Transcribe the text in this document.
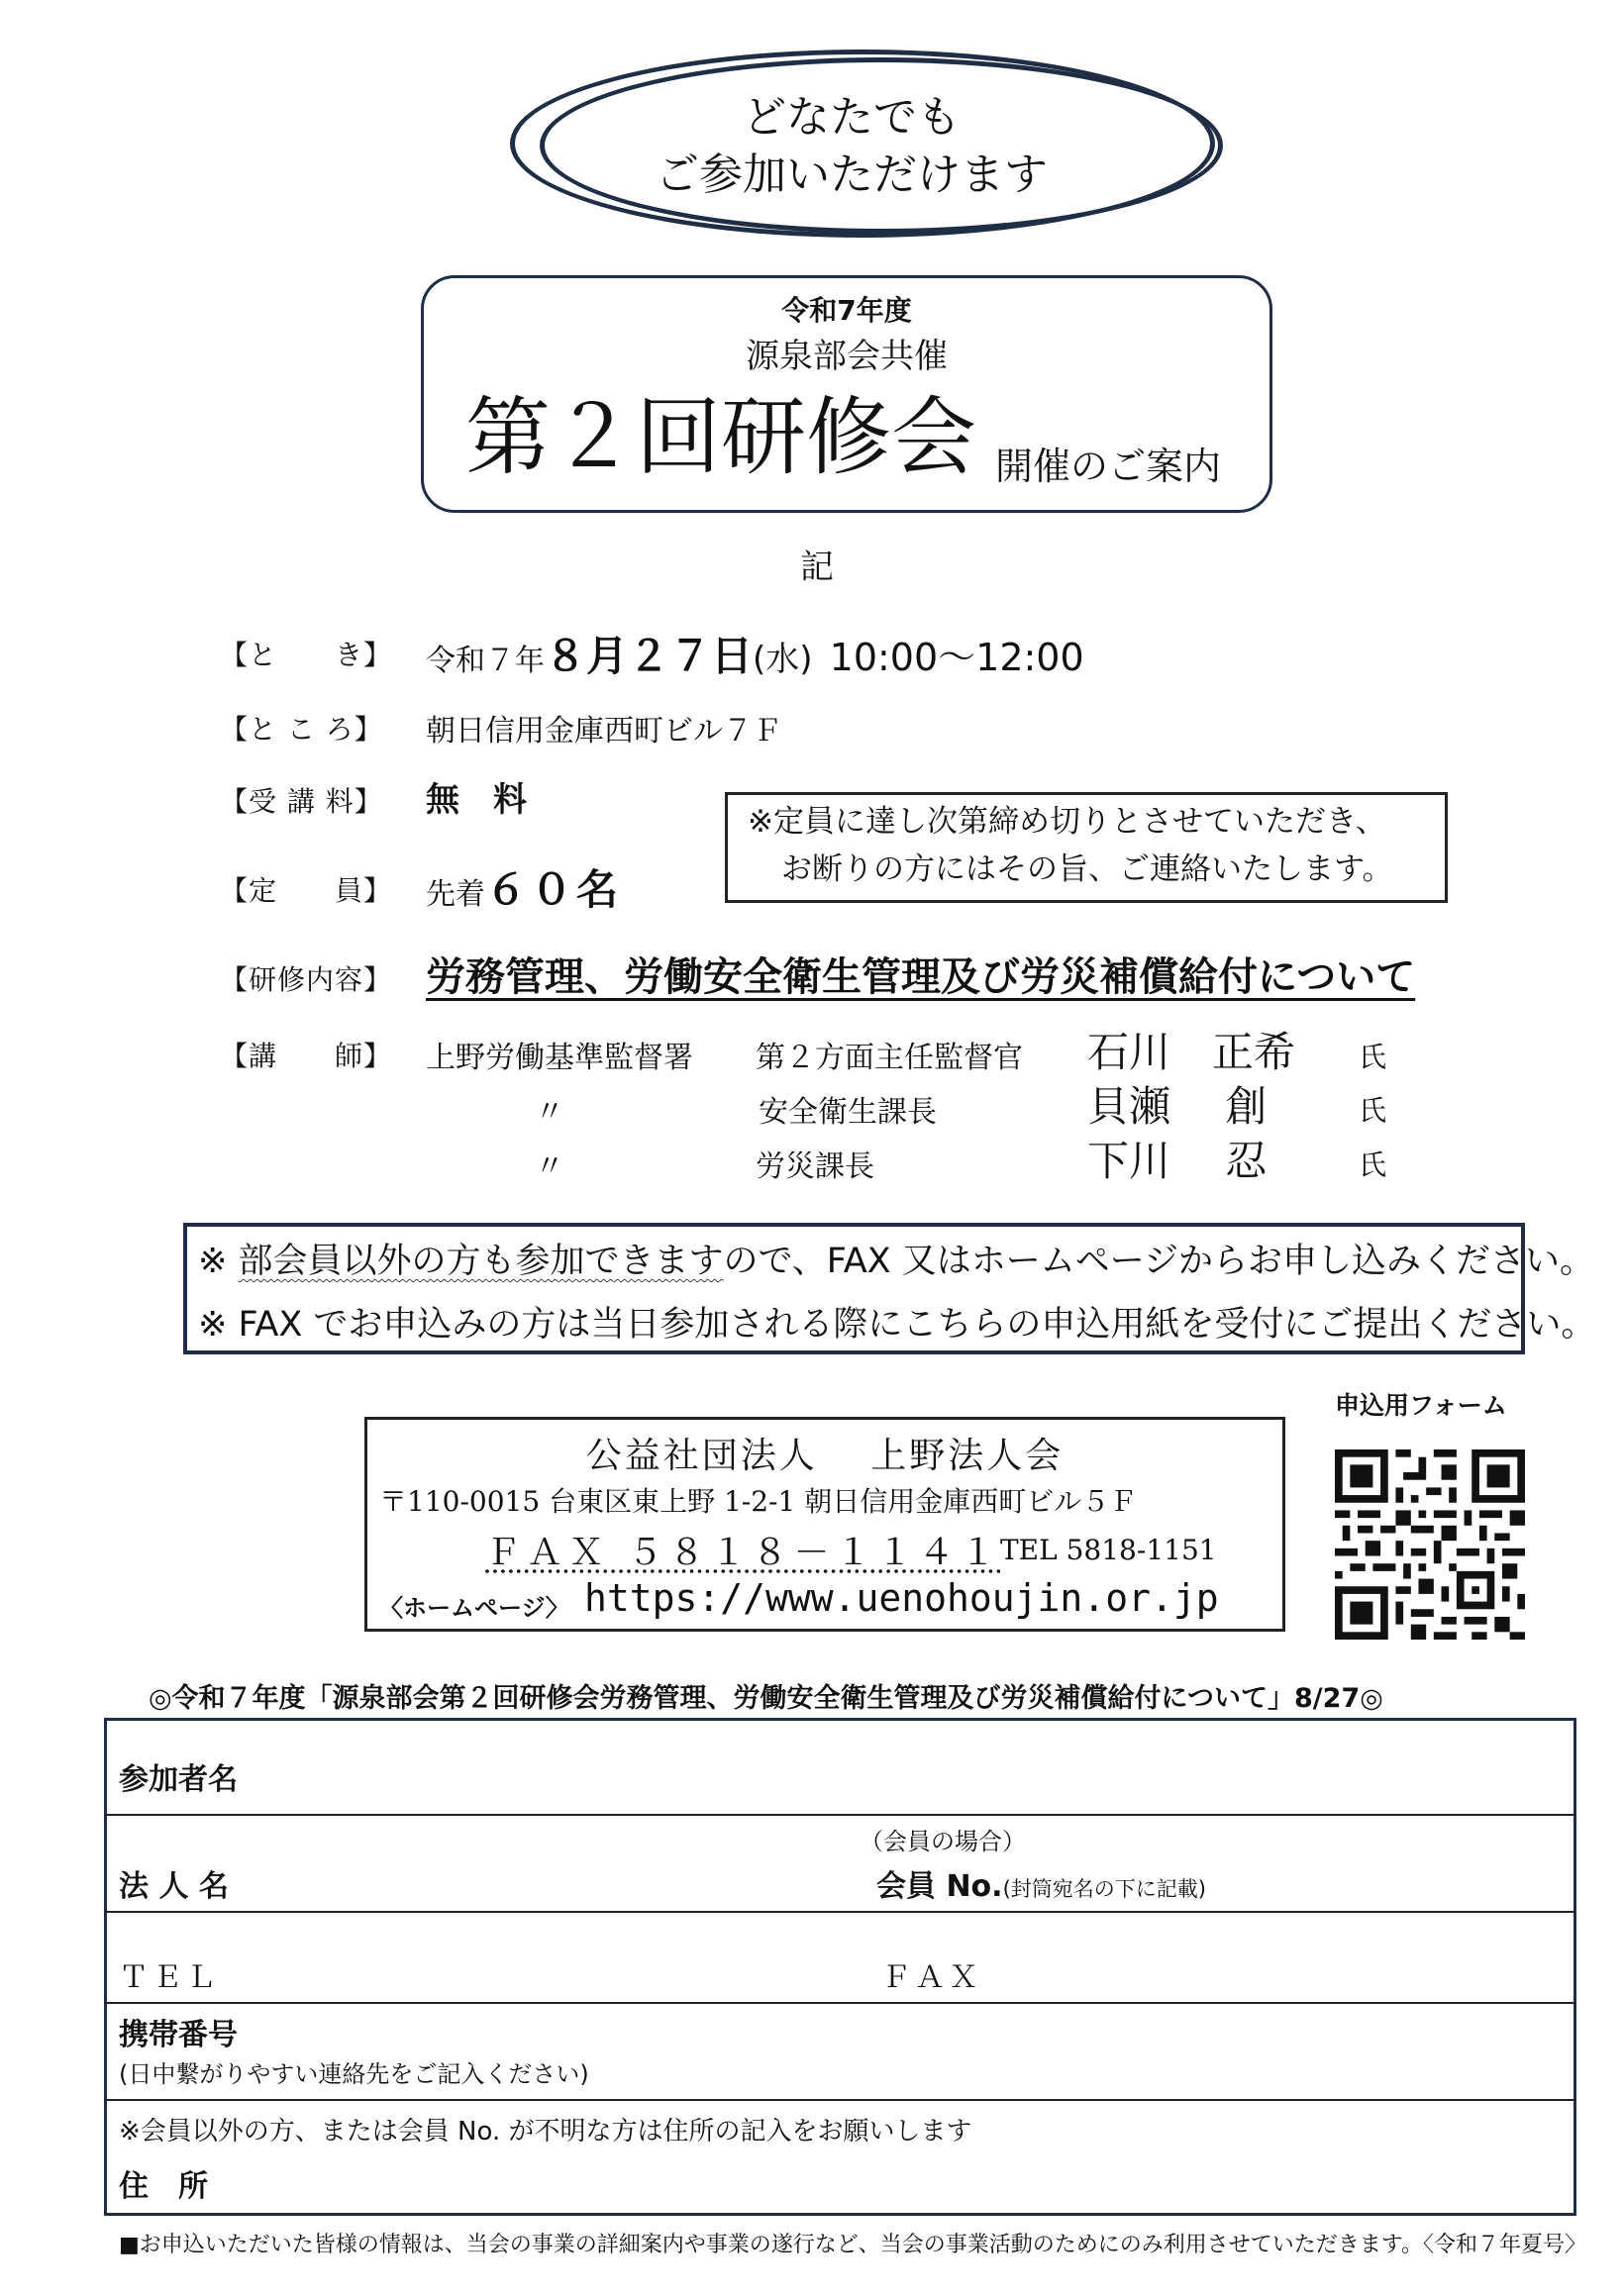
どなたでも
ご参加いただけます
令和7年度
源泉部会共催
第２回研修会 開催のご案内
記
【と　　き】 令和７年８月２７日(水) 10:00～12:00
【と こ ろ】 朝日信用金庫西町ビル７Ｆ
【受 講 料】 無　料
【定　　員】 先着６０名
※定員に達し次第締め切りとさせていただき、
お断りの方にはその旨、ご連絡いたします。
【研修内容】 労務管理、労働安全衛生管理及び労災補償給付について
【講　　師】 上野労働基準監督署 第２方面主任監督官 石川　正希 氏
〃	安全衛生課長	貝瀬　 創	氏
〃	労災課長	下川　 忍	氏
※ 部会員以外の方も参加できますので、FAX 又はホームページからお申し込みください。
※ FAX でお申込みの方は当日参加される際にこちらの申込用紙を受付にご提出ください。
申込用フォーム
公益社団法人　 上野法人会
〒110-0015 台東区東上野 1-2-1 朝日信用金庫西町ビル５Ｆ
ＦＡＸ ５８１８－１１４１
TEL 5818-1151
〈ホームページ〉 https://www.uenohoujin.or.jp
◎令和７年度「源泉部会第２回研修会労務管理、労働安全衛生管理及び労災補償給付について」8/27◎
参加者名
（会員の場合）
法 人 名	会員 No.(封筒宛名の下に記載)
ＴＥＬ	ＦＡＸ
携帯番号
(日中繋がりやすい連絡先をご記入ください)
※会員以外の方、または会員 No. が不明な方は住所の記入をお願いします
住　所
■お申込いただいた皆様の情報は、当会の事業の詳細案内や事業の遂行など、当会の事業活動のためにのみ利用させていただきます。〈令和７年夏号〉
